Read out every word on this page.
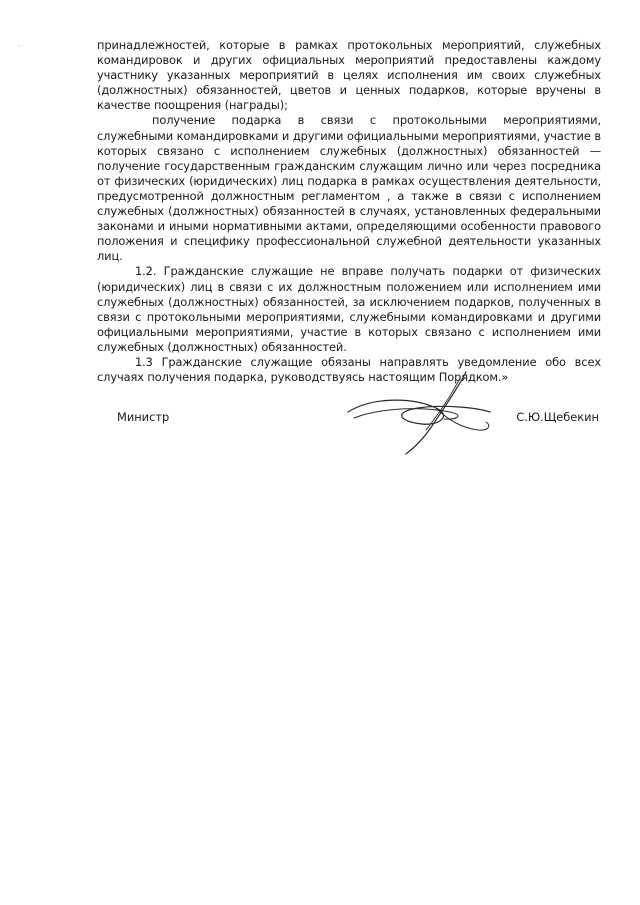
·	принадлежностей, которые в рамках протокольных мероприятий, служебных командировок и других официальных мероприятий предоставлены каждому участнику указанных мероприятий в целях исполнения им своих служебных (должностных) обязанностей, цветов и ценных подарков, которые вручены в качестве поощрения (награды);

получение подарка в связи с протокольными мероприятиями, служебными командировками и другими официальными мероприятиями, участие в которых связано с исполнением служебных (должностных) обязанностей — получение государственным гражданским служащим лично или через посредника от физических (юридических) лиц подарка в рамках осуществления деятельности, предусмотренной должностным регламентом , а также в связи с исполнением служебных (должностных) обязанностей в случаях, установленных федеральными законами и иными нормативными актами, определяющими особенности правового положения и специфику профессиональной служебной деятельности указанных лиц.

1.2. Гражданские служащие не вправе получать подарки от физических (юридических) лиц в связи с их должностным положением или исполнением ими служебных (должностных) обязанностей, за исключением подарков, полученных в связи с протокольными мероприятиями, служебными командировками и другими официальными мероприятиями, участие в которых связано с исполнением ими служебных (должностных) обязанностей.

1.3 Гражданские служащие обязаны направлять уведомление обо всех случаях получения подарка, руководствуясь настоящим Порядком.»

Министр	С.Ю.Щебекин
